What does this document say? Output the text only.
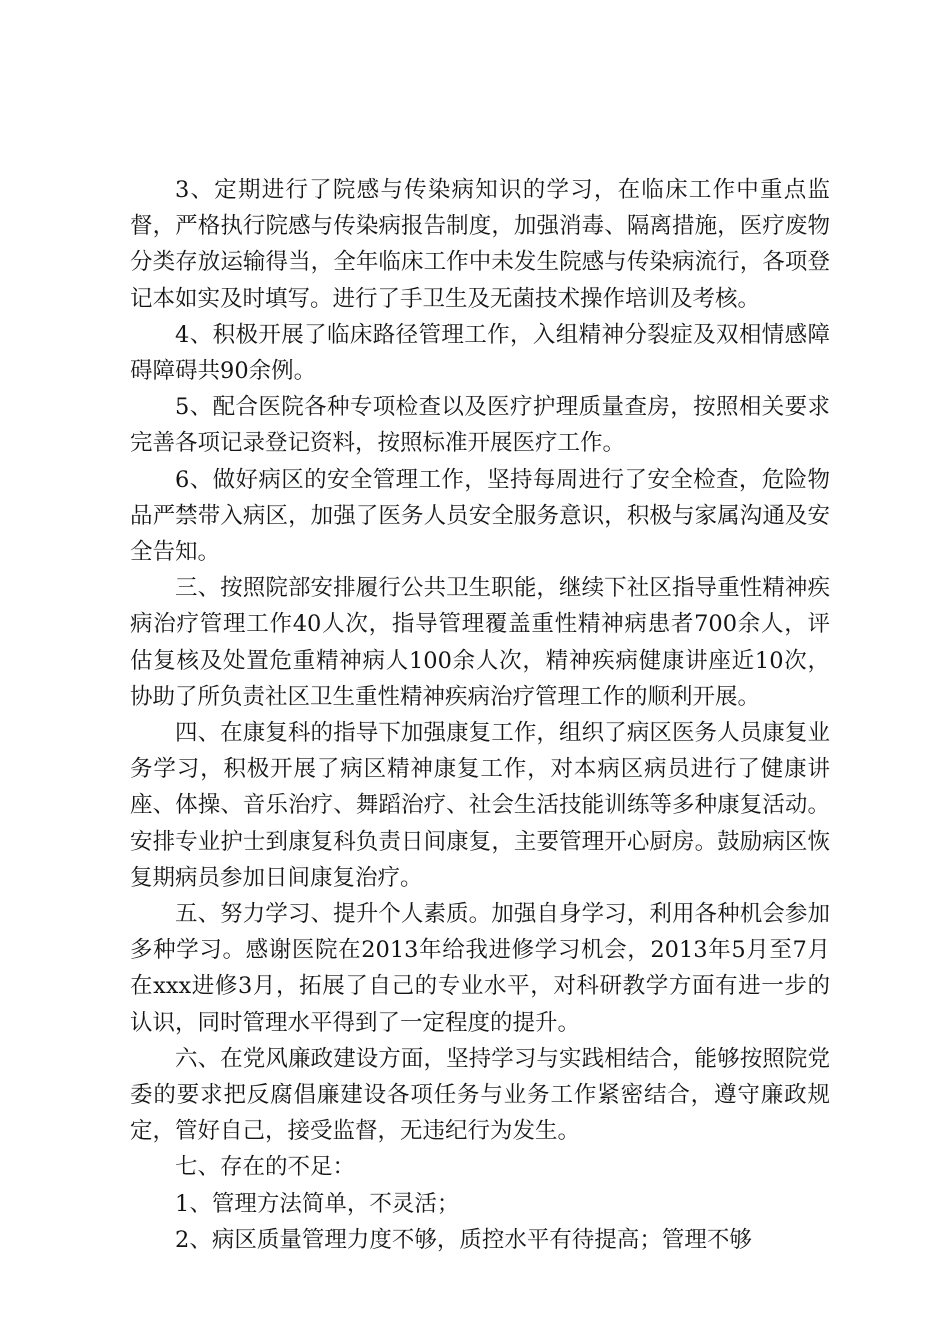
3、定期进行了院感与传染病知识的学习，在临床工作中重点监督，严格执行院感与传染病报告制度，加强消毒、隔离措施，医疗废物分类存放运输得当，全年临床工作中未发生院感与传染病流行，各项登记本如实及时填写。进行了手卫生及无菌技术操作培训及考核。

4、积极开展了临床路径管理工作，入组精神分裂症及双相情感障碍障碍共90余例。

5、配合医院各种专项检查以及医疗护理质量查房，按照相关要求完善各项记录登记资料，按照标准开展医疗工作。

6、做好病区的安全管理工作，坚持每周进行了安全检查，危险物品严禁带入病区，加强了医务人员安全服务意识，积极与家属沟通及安全告知。

三、按照院部安排履行公共卫生职能，继续下社区指导重性精神疾病治疗管理工作40人次，指导管理覆盖重性精神病患者700余人，评估复核及处置危重精神病人100余人次，精神疾病健康讲座近10次，协助了所负责社区卫生重性精神疾病治疗管理工作的顺利开展。

四、在康复科的指导下加强康复工作，组织了病区医务人员康复业务学习，积极开展了病区精神康复工作，对本病区病员进行了健康讲座、体操、音乐治疗、舞蹈治疗、社会生活技能训练等多种康复活动。安排专业护士到康复科负责日间康复，主要管理开心厨房。鼓励病区恢复期病员参加日间康复治疗。

五、努力学习、提升个人素质。加强自身学习，利用各种机会参加多种学习。感谢医院在2013年给我进修学习机会，2013年5月至7月在xxx进修3月，拓展了自己的专业水平，对科研教学方面有进一步的认识，同时管理水平得到了一定程度的提升。

六、在党风廉政建设方面，坚持学习与实践相结合，能够按照院党委的要求把反腐倡廉建设各项任务与业务工作紧密结合，遵守廉政规定，管好自己，接受监督，无违纪行为发生。

七、存在的不足：

1、管理方法简单，不灵活；

2、病区质量管理力度不够，质控水平有待提高；管理不够
